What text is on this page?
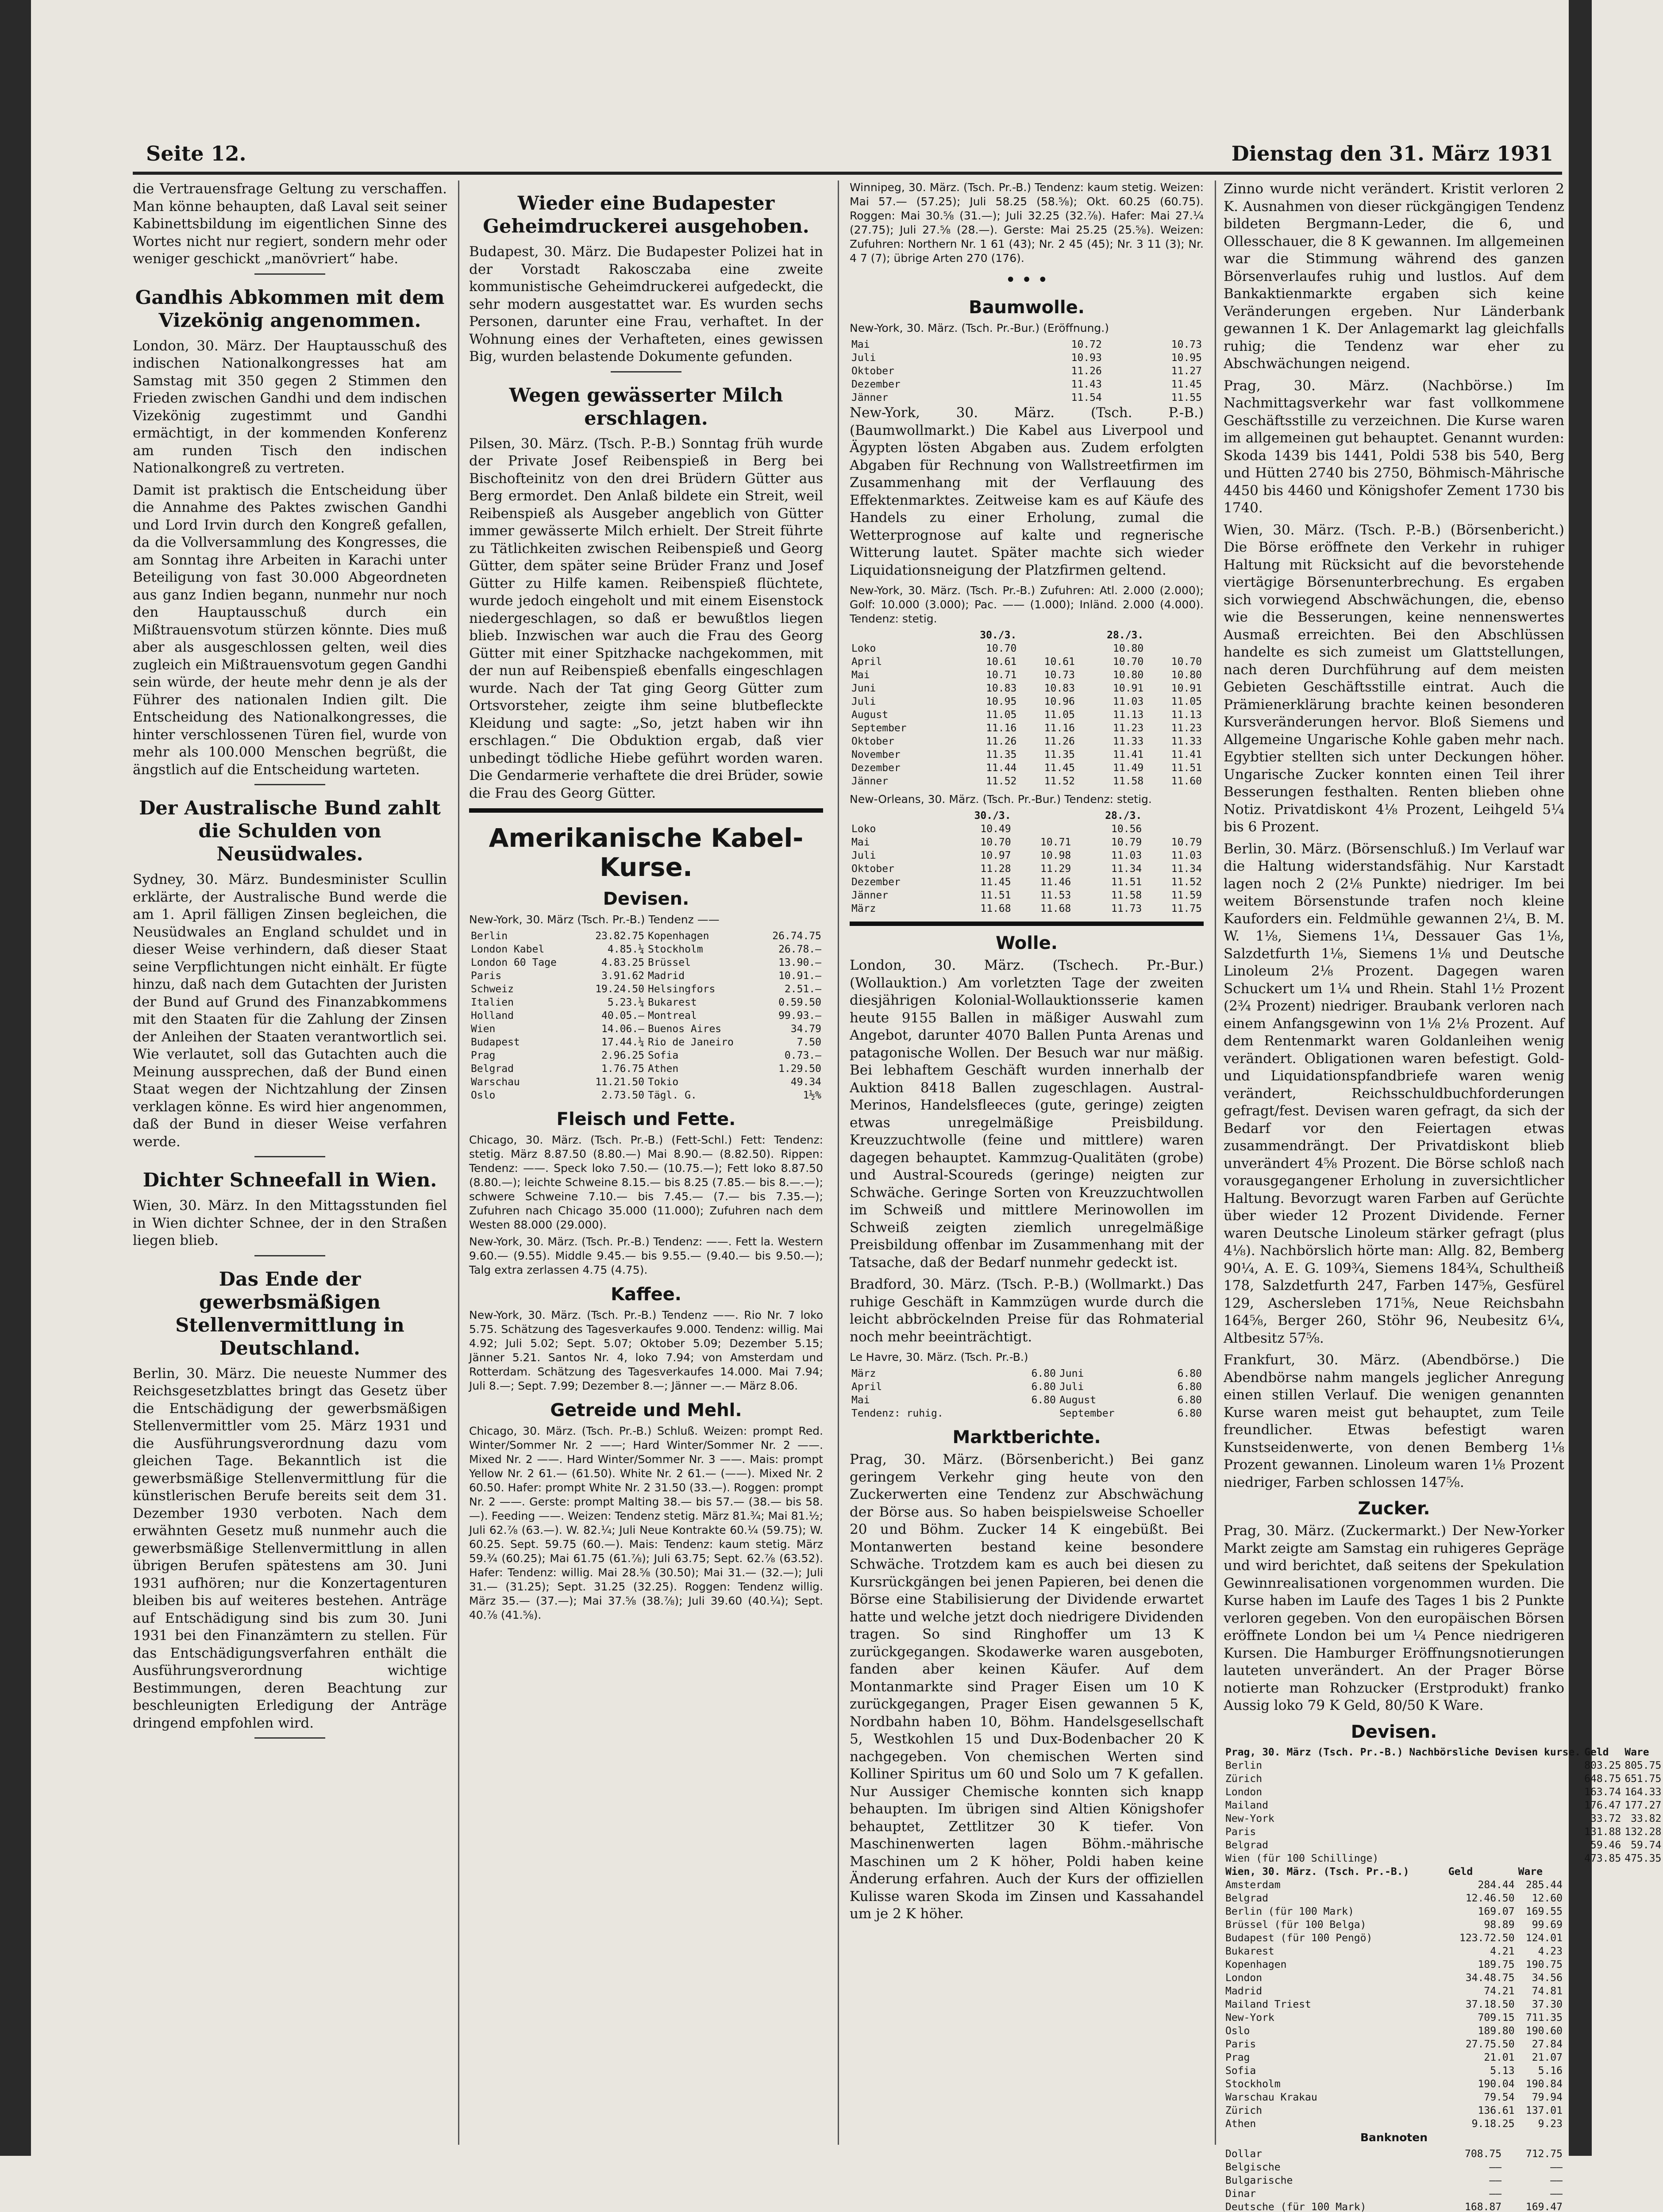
Seite 12.	Dienstag den 31. März 1931

die Vertrauensfrage Geltung zu verschaffen. Man könne behaupten, daß Laval seit seiner Kabinettsbildung im eigentlichen Sinne des Wortes nicht nur regiert, sondern mehr oder weniger geschickt „manövriert“ habe.

Gandhis Abkommen mit dem Vizekönig angenommen.

London, 30. März. Der Hauptausschuß des indischen Nationalkongresses hat am Samstag mit 350 gegen 2 Stimmen den Frieden zwischen Gandhi und dem indischen Vizekönig zugestimmt und Gandhi ermächtigt, in der kommenden Konferenz am runden Tisch den indischen Nationalkongreß zu vertreten.

Damit ist praktisch die Entscheidung über die Annahme des Paktes zwischen Gandhi und Lord Irvin durch den Kongreß gefallen, da die Vollversammlung des Kongresses, die am Sonntag ihre Arbeiten in Karachi unter Beteiligung von fast 30.000 Abgeordneten aus ganz Indien begann, nunmehr nur noch den Hauptausschuß durch ein Mißtrauensvotum stürzen könnte. Dies muß aber als ausgeschlossen gelten, weil dies zugleich ein Mißtrauensvotum gegen Gandhi sein würde, der heute mehr denn je als der Führer des nationalen Indien gilt. Die Entscheidung des Nationalkongresses, die hinter verschlossenen Türen fiel, wurde von mehr als 100.000 Menschen begrüßt, die ängstlich auf die Entscheidung warteten.

Der Australische Bund zahlt die Schulden von Neusüdwales.

Sydney, 30. März. Bundesminister Scullin erklärte, der Australische Bund werde die am 1. April fälligen Zinsen begleichen, die Neusüdwales an England schuldet und in dieser Weise verhindern, daß dieser Staat seine Verpflichtungen nicht einhält. Er fügte hinzu, daß nach dem Gutachten der Juristen der Bund auf Grund des Finanzabkommens mit den Staaten für die Zahlung der Zinsen der Anleihen der Staaten verantwortlich sei. Wie verlautet, soll das Gutachten auch die Meinung aussprechen, daß der Bund einen Staat wegen der Nichtzahlung der Zinsen verklagen könne. Es wird hier angenommen, daß der Bund in dieser Weise verfahren werde.

Dichter Schneefall in Wien.

Wien, 30. März. In den Mittagsstunden fiel in Wien dichter Schnee, der in den Straßen liegen blieb.

Das Ende der gewerbsmäßigen Stellenvermittlung in Deutschland.

Berlin, 30. März. Die neueste Nummer des Reichsgesetzblattes bringt das Gesetz über die Entschädigung der gewerbsmäßigen Stellenvermittler vom 25. März 1931 und die Ausführungsverordnung dazu vom gleichen Tage. Bekanntlich ist die gewerbsmäßige Stellenvermittlung für die künstlerischen Berufe bereits seit dem 31. Dezember 1930 verboten. Nach dem erwähnten Gesetz muß nunmehr auch die gewerbsmäßige Stellenvermittlung in allen übrigen Berufen spätestens am 30. Juni 1931 aufhören; nur die Konzertagenturen bleiben bis auf weiteres bestehen. Anträge auf Entschädigung sind bis zum 30. Juni 1931 bei den Finanzämtern zu stellen. Für das Entschädigungsverfahren enthält die Ausführungsverordnung wichtige Bestimmungen, deren Beachtung zur beschleunigten Erledigung der Anträge dringend empfohlen wird.

Wieder eine Budapester Geheimdruckerei ausgehoben.

Budapest, 30. März. Die Budapester Polizei hat in der Vorstadt Rakosczaba eine zweite kommunistische Geheimdruckerei aufgedeckt, die sehr modern ausgestattet war. Es wurden sechs Personen, darunter eine Frau, verhaftet. In der Wohnung eines der Verhafteten, eines gewissen Big, wurden belastende Dokumente gefunden.

Wegen gewässerter Milch erschlagen.

Pilsen, 30. März. (Tsch. P.-B.) Sonntag früh wurde der Private Josef Reibenspieß in Berg bei Bischofteinitz von den drei Brüdern Gütter aus Berg ermordet. Den Anlaß bildete ein Streit, weil Reibenspieß als Ausgeber angeblich von Gütter immer gewässerte Milch erhielt. Der Streit führte zu Tätlichkeiten zwischen Reibenspieß und Georg Gütter, dem später seine Brüder Franz und Josef Gütter zu Hilfe kamen. Reibenspieß flüchtete, wurde jedoch eingeholt und mit einem Eisenstock niedergeschlagen, so daß er bewußtlos liegen blieb. Inzwischen war auch die Frau des Georg Gütter mit einer Spitzhacke nachgekommen, mit der nun auf Reibenspieß ebenfalls eingeschlagen wurde. Nach der Tat ging Georg Gütter zum Ortsvorsteher, zeigte ihm seine blutbefleckte Kleidung und sagte: „So, jetzt haben wir ihn erschlagen.“ Die Obduktion ergab, daß vier unbedingt tödliche Hiebe geführt worden waren. Die Gendarmerie verhaftete die drei Brüder, sowie die Frau des Georg Gütter.

Amerikanische Kabel-Kurse.
Devisen.
New-York, 30. März (Tsch. Pr.-B.) Tendenz ——
Berlin	23.82.75	Kopenhagen	26.74.75
London Kabel	4.85.¼	Stockholm	26.78.—
London 60 Tage	4.83.25	Brüssel	13.90.—
Paris	3.91.62	Madrid	10.91.—
Schweiz	19.24.50	Helsingfors	2.51.—
Italien	5.23.¼	Bukarest	0.59.50
Holland	40.05.—	Montreal	99.93.—
Wien	14.06.—	Buenos Aires	34.79
Budapest	17.44.¼	Rio de Janeiro	7.50
Prag	2.96.25	Sofia	0.73.—
Belgrad	1.76.75	Athen	1.29.50
Warschau	11.21.50	Tokio	49.34
Oslo	2.73.50	Tägl. G.	1½%
Fleisch und Fette.

Chicago, 30. März. (Tsch. Pr.-B.) (Fett-Schl.) Fett: Tendenz: stetig. März 8.87.50 (8.80.—) Mai 8.90.— (8.82.50). Rippen: Tendenz: ——. Speck loko 7.50.— (10.75.—); Fett loko 8.87.50 (8.80.—); leichte Schweine 8.15.— bis 8.25 (7.85.— bis 8.—.—); schwere Schweine 7.10.— bis 7.45.— (7.— bis 7.35.—); Zufuhren nach Chicago 35.000 (11.000); Zufuhren nach dem Westen 88.000 (29.000).

New-York, 30. März. (Tsch. Pr.-B.) Tendenz: ——. Fett la. Western 9.60.— (9.55). Middle 9.45.— bis 9.55.— (9.40.— bis 9.50.—); Talg extra zerlassen 4.75 (4.75).

Kaffee.

New-York, 30. März. (Tsch. Pr.-B.) Tendenz ——. Rio Nr. 7 loko 5.75. Schätzung des Tagesverkaufes 9.000. Tendenz: willig. Mai 4.92; Juli 5.02; Sept. 5.07; Oktober 5.09; Dezember 5.15; Jänner 5.21. Santos Nr. 4, loko 7.94; von Amsterdam und Rotterdam. Schätzung des Tagesverkaufes 14.000. Mai 7.94; Juli 8.—; Sept. 7.99; Dezember 8.—; Jänner —.— März 8.06.

Getreide und Mehl.

Chicago, 30. März. (Tsch. Pr.-B.) Schluß. Weizen: prompt Red. Winter/Sommer Nr. 2 ——; Hard Winter/Sommer Nr. 2 ——. Mixed Nr. 2 ——. Hard Winter/Sommer Nr. 3 ——. Mais: prompt Yellow Nr. 2 61.— (61.50). White Nr. 2 61.— (——). Mixed Nr. 2 60.50. Hafer: prompt White Nr. 2 31.50 (33.—). Roggen: prompt Nr. 2 ——. Gerste: prompt Malting 38.— bis 57.— (38.— bis 58.—). Feeding ——. Weizen: Tendenz stetig. März 81.¾; Mai 81.½; Juli 62.⅞ (63.—). W. 82.¼; Juli Neue Kontrakte 60.¼ (59.75); W. 60.25. Sept. 59.75 (60.—). Mais: Tendenz: kaum stetig. März 59.¾ (60.25); Mai 61.75 (61.⅞); Juli 63.75; Sept. 62.⅞ (63.52). Hafer: Tendenz: willig. Mai 28.⅝ (30.50); Mai 31.— (32.—); Juli 31.— (31.25); Sept. 31.25 (32.25). Roggen: Tendenz willig. März 35.— (37.—); Mai 37.⅝ (38.⅞); Juli 39.60 (40.¼); Sept. 40.⅞ (41.⅝).

Winnipeg, 30. März. (Tsch. Pr.-B.) Tendenz: kaum stetig. Weizen: Mai 57.— (57.25); Juli 58.25 (58.⅝); Okt. 60.25 (60.75). Roggen: Mai 30.⅝ (31.—); Juli 32.25 (32.⅞). Hafer: Mai 27.¼ (27.75); Juli 27.⅝ (28.—). Gerste: Mai 25.25 (25.⅝). Weizen: Zufuhren: Northern Nr. 1 61 (43); Nr. 2 45 (45); Nr. 3 11 (3); Nr. 4 7 (7); übrige Arten 270 (176).

• • •
Baumwolle.
New-York, 30. März. (Tsch. Pr.-Bur.) (Eröffnung.)
Mai	10.72	10.73
Juli	10.93	10.95
Oktober	11.26	11.27
Dezember	11.43	11.45
Jänner	11.54	11.55

New-York, 30. März. (Tsch. P.-B.) (Baumwollmarkt.) Die Kabel aus Liverpool und Ägypten lösten Abgaben aus. Zudem erfolgten Abgaben für Rechnung von Wallstreetfirmen im Zusammenhang mit der Verflauung des Effektenmarktes. Zeitweise kam es auf Käufe des Handels zu einer Erholung, zumal die Wetterprognose auf kalte und regnerische Witterung lautet. Später machte sich wieder Liquidationsneigung der Platzfirmen geltend.

New-York, 30. März. (Tsch. Pr.-B.) Zufuhren: Atl. 2.000 (2.000); Golf: 10.000 (3.000); Pac. —— (1.000); Inländ. 2.000 (4.000). Tendenz: stetig.

	30./3.		28./3.	
Loko	10.70		10.80	
April	10.61	10.61	10.70	10.70
Mai	10.71	10.73	10.80	10.80
Juni	10.83	10.83	10.91	10.91
Juli	10.95	10.96	11.03	11.05
August	11.05	11.05	11.13	11.13
September	11.16	11.16	11.23	11.23
Oktober	11.26	11.26	11.33	11.33
November	11.35	11.35	11.41	11.41
Dezember	11.44	11.45	11.49	11.51
Jänner	11.52	11.52	11.58	11.60
New-Orleans, 30. März. (Tsch. Pr.-Bur.) Tendenz: stetig.
	30./3.		28./3.	
Loko	10.49		10.56	
Mai	10.70	10.71	10.79	10.79
Juli	10.97	10.98	11.03	11.03
Oktober	11.28	11.29	11.34	11.34
Dezember	11.45	11.46	11.51	11.52
Jänner	11.51	11.53	11.58	11.59
März	11.68	11.68	11.73	11.75
Wolle.

London, 30. März. (Tschech. Pr.-Bur.) (Wollauktion.) Am vorletzten Tage der zweiten diesjährigen Kolonial-Wollauktionsserie kamen heute 9155 Ballen in mäßiger Auswahl zum Angebot, darunter 4070 Ballen Punta Arenas und patagonische Wollen. Der Besuch war nur mäßig. Bei lebhaftem Geschäft wurden innerhalb der Auktion 8418 Ballen zugeschlagen. Austral-Merinos, Handelsfleeces (gute, geringe) zeigten etwas unregelmäßige Preisbildung. Kreuzzuchtwolle (feine und mittlere) waren dagegen behauptet. Kammzug-Qualitäten (grobe) und Austral-Scoureds (geringe) neigten zur Schwäche. Geringe Sorten von Kreuzzuchtwollen im Schweiß und mittlere Merinowollen im Schweiß zeigten ziemlich unregelmäßige Preisbildung offenbar im Zusammenhang mit der Tatsache, daß der Bedarf nunmehr gedeckt ist.

Bradford, 30. März. (Tsch. P.-B.) (Wollmarkt.) Das ruhige Geschäft in Kammzügen wurde durch die leicht abbröckelnden Preise für das Rohmaterial noch mehr beeinträchtigt.

Le Havre, 30. März. (Tsch. Pr.-B.)
März	6.80	Juni	6.80
April	6.80	Juli	6.80
Mai	6.80	August	6.80
Tendenz: ruhig.		September	6.80
Marktberichte.

Prag, 30. März. (Börsenbericht.) Bei ganz geringem Verkehr ging heute von den Zuckerwerten eine Tendenz zur Abschwächung der Börse aus. So haben beispielsweise Schoeller 20 und Böhm. Zucker 14 K eingebüßt. Bei Montanwerten bestand keine besondere Schwäche. Trotzdem kam es auch bei diesen zu Kursrückgängen bei jenen Papieren, bei denen die Börse eine Stabilisierung der Dividende erwartet hatte und welche jetzt doch niedrigere Dividenden tragen. So sind Ringhoffer um 13 K zurückgegangen. Skodawerke waren ausgeboten, fanden aber keinen Käufer. Auf dem Montanmarkte sind Prager Eisen um 10 K zurückgegangen, Prager Eisen gewannen 5 K, Nordbahn haben 10, Böhm. Handelsgesellschaft 5, Westkohlen 15 und Dux-Bodenbacher 20 K nachgegeben. Von chemischen Werten sind Kolliner Spiritus um 60 und Solo um 7 K gefallen. Nur Aussiger Chemische konnten sich knapp behaupten. Im übrigen sind Altien Königshofer behauptet, Zettlitzer 30 K tiefer. Von Maschinenwerten lagen Böhm.-mährische Maschinen um 2 K höher, Poldi haben keine Änderung erfahren. Auch der Kurs der offiziellen Kulisse waren Skoda im Zinsen und Kassahandel um je 2 K höher.

Zinno wurde nicht verändert. Kristit verloren 2 K. Ausnahmen von dieser rückgängigen Tendenz bildeten Bergmann-Leder, die 6, und Ollesschauer, die 8 K gewannen. Im allgemeinen war die Stimmung während des ganzen Börsenverlaufes ruhig und lustlos. Auf dem Bankaktienmarkte ergaben sich keine Veränderungen ergeben. Nur Länderbank gewannen 1 K. Der Anlagemarkt lag gleichfalls ruhig; die Tendenz war eher zu Abschwächungen neigend.

Prag, 30. März. (Nachbörse.) Im Nachmittagsverkehr war fast vollkommene Geschäftsstille zu verzeichnen. Die Kurse waren im allgemeinen gut behauptet. Genannt wurden: Skoda 1439 bis 1441, Poldi 538 bis 540, Berg und Hütten 2740 bis 2750, Böhmisch-Mährische 4450 bis 4460 und Königshofer Zement 1730 bis 1740.

Wien, 30. März. (Tsch. P.-B.) (Börsenbericht.) Die Börse eröffnete den Verkehr in ruhiger Haltung mit Rücksicht auf die bevorstehende viertägige Börsenunterbrechung. Es ergaben sich vorwiegend Abschwächungen, die, ebenso wie die Besserungen, keine nennenswertes Ausmaß erreichten. Bei den Abschlüssen handelte es sich zumeist um Glattstellungen, nach deren Durchführung auf dem meisten Gebieten Geschäftsstille eintrat. Auch die Prämienerklärung brachte keinen besonderen Kursveränderungen hervor. Bloß Siemens und Allgemeine Ungarische Kohle gaben mehr nach. Egybtier stellten sich unter Deckungen höher. Ungarische Zucker konnten einen Teil ihrer Besserungen festhalten. Renten blieben ohne Notiz. Privatdiskont 4⅛ Prozent, Leihgeld 5¼ bis 6 Prozent.

Berlin, 30. März. (Börsenschluß.) Im Verlauf war die Haltung widerstandsfähig. Nur Karstadt lagen noch 2 (2⅛ Punkte) niedriger. Im bei weitem Börsenstunde trafen noch kleine Kauforders ein. Feldmühle gewannen 2¼, B. M. W. 1⅛, Siemens 1¼, Dessauer Gas 1⅛, Salzdetfurth 1⅛, Siemens 1⅛ und Deutsche Linoleum 2⅛ Prozent. Dagegen waren Schuckert um 1¼ und Rhein. Stahl 1½ Prozent (2¾ Prozent) niedriger. Braubank verloren nach einem Anfangsgewinn von 1⅛ 2⅛ Prozent. Auf dem Rentenmarkt waren Goldanleihen wenig verändert. Obligationen waren befestigt. Gold- und Liquidationspfandbriefe waren wenig verändert, Reichsschuldbuchforderungen gefragt/fest. Devisen waren gefragt, da sich der Bedarf vor den Feiertagen etwas zusammendrängt. Der Privatdiskont blieb unverändert 4⅝ Prozent. Die Börse schloß nach vorausgegangener Erholung in zuversichtlicher Haltung. Bevorzugt waren Farben auf Gerüchte über wieder 12 Prozent Dividende. Ferner waren Deutsche Linoleum stärker gefragt (plus 4⅛). Nachbörslich hörte man: Allg. 82, Bemberg 90¼, A. E. G. 109¾, Siemens 184¾, Schultheiß 178, Salzdetfurth 247, Farben 147⅝, Gesfürel 129, Aschersleben 171⅝, Neue Reichsbahn 164⅝, Berger 260, Stöhr 96, Neubesitz 6¼, Altbesitz 57⅝.

Frankfurt, 30. März. (Abendbörse.) Die Abendbörse nahm mangels jeglicher Anregung einen stillen Verlauf. Die wenigen genannten Kurse waren meist gut behauptet, zum Teile freundlicher. Etwas befestigt waren Kunstseidenwerte, von denen Bemberg 1⅛ Prozent gewannen. Linoleum waren 1⅛ Prozent niedriger, Farben schlossen 147⅝.

Zucker.

Prag, 30. März. (Zuckermarkt.) Der New-Yorker Markt zeigte am Samstag ein ruhigeres Gepräge und wird berichtet, daß seitens der Spekulation Gewinnrealisationen vorgenommen wurden. Die Kurse haben im Laufe des Tages 1 bis 2 Punkte verloren gegeben. Von den europäischen Börsen eröffnete London bei um ¼ Pence niedrigeren Kursen. Die Hamburger Eröffnungsnotierungen lauteten unverändert. An der Prager Börse notierte man Rohzucker (Erstprodukt) franko Aussig loko 79 K Geld, 80/50 K Ware.

Devisen.
Prag, 30. März (Tsch. Pr.-B.) Nachbörsliche Devisen kurse.	Geld	Ware
Berlin	803.25	805.75
Zürich	648.75	651.75
London	163.74	164.33
Mailand	176.47	177.27
New-York	33.72	33.82
Paris	131.88	132.28
Belgrad	59.46	59.74
Wien (für 100 Schillinge)	473.85	475.35
Wien, 30. März. (Tsch. Pr.-B.)	Geld	Ware
Amsterdam	284.44	285.44
Belgrad	12.46.50	12.60
Berlin (für 100 Mark)	169.07	169.55
Brüssel (für 100 Belga)	98.89	99.69
Budapest (für 100 Pengö)	123.72.50	124.01
Bukarest	4.21	4.23
Kopenhagen	189.75	190.75
London	34.48.75	34.56
Madrid	74.21	74.81
Mailand Triest	37.18.50	37.30
New-York	709.15	711.35
Oslo	189.80	190.60
Paris	27.75.50	27.84
Prag	21.01	21.07
Sofia	5.13	5.16
Stockholm	190.04	190.84
Warschau Krakau	79.54	79.94
Zürich	136.61	137.01
Athen	9.18.25	9.23
Banknoten
Dollar	708.75	712.75
Belgische	——	——
Bulgarische	——	——
Dinar	——	——
Deutsche (für 100 Mark)	168.87	169.47
